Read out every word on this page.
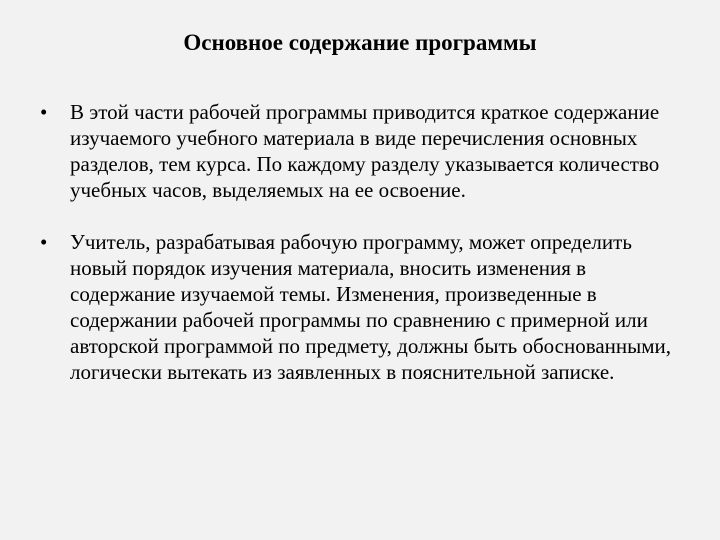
Основное содержание программы
•	В этой части рабочей программы приводится краткое содержание изучаемого учебного материала в виде перечисления основных разделов, тем курса. По каждому разделу указывается количество учебных часов, выделяемых на ее освоение.
•	Учитель, разрабатывая рабочую программу, может определить новый порядок изучения материала, вносить изменения в содержание изучаемой темы. Изменения, произведенные в содержании рабочей программы по сравнению с примерной или авторской программой по предмету, должны быть обоснованными, логически вытекать из заявленных в пояснительной записке.
